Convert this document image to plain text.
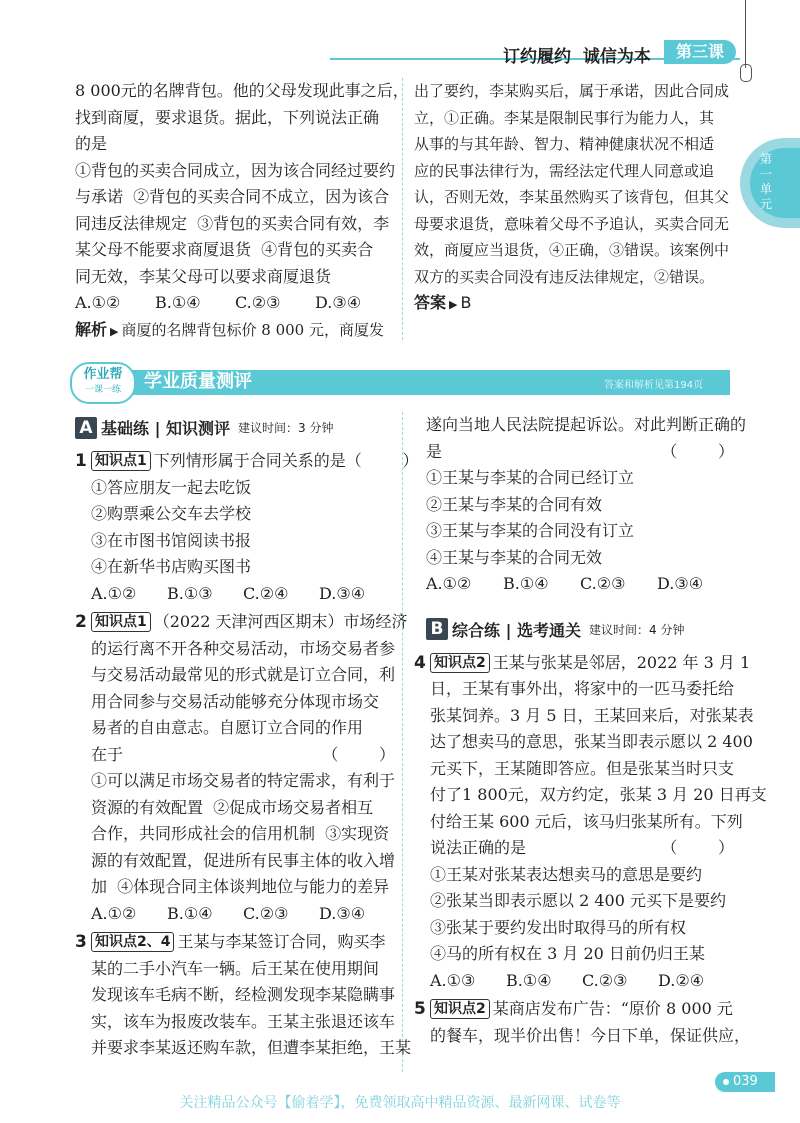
订约履约  诚信为本	第三课
第一单元
8 000元的名牌背包。他的父母发现此事之后，
找到商厦，要求退货。据此，下列说法正确
的是
①背包的买卖合同成立，因为该合同经过要约
与承诺  ②背包的买卖合同不成立，因为该合
同违反法律规定  ③背包的买卖合同有效，李
某父母不能要求商厦退货  ④背包的买卖合
同无效，李某父母可以要求商厦退货
A.①②	B.①④	C.②③	D.③④
解析 ▶ 商厦的名牌背包标价 8 000 元，商厦发
出了要约，李某购买后，属于承诺，因此合同成
立，①正确。李某是限制民事行为能力人，其
从事的与其年龄、智力、精神健康状况不相适
应的民事法律行为，需经法定代理人同意或追
认，否则无效，李某虽然购买了该背包，但其父
母要求退货，意味着父母不予追认，买卖合同无
效，商厦应当退货，④正确，③错误。该案例中
双方的买卖合同没有违反法律规定，②错误。
答案 ▶ B
作业帮
一课一练	学业质量测评	答案和解析见第194页
A 基础练 | 知识测评 建议时间：3 分钟
1 知识点1 下列情形属于合同关系的是（        ）
①答应朋友一起去吃饭
②购票乘公交车去学校
③在市图书馆阅读书报
④在新华书店购买图书
A.①②	B.①③	C.②④	D.③④
2 知识点1 （2022 天津河西区期末）市场经济
的运行离不开各种交易活动，市场交易者参
与交易活动最常见的形式就是订立合同，利
用合同参与交易活动能够充分体现市场交
易者的自由意志。自愿订立合同的作用
在于	（        ）
①可以满足市场交易者的特定需求，有利于
资源的有效配置  ②促成市场交易者相互
合作，共同形成社会的信用机制  ③实现资
源的有效配置，促进所有民事主体的收入增
加  ④体现合同主体谈判地位与能力的差异
A.①②	B.①④	C.②③	D.③④
3 知识点2、4 王某与李某签订合同，购买李
某的二手小汽车一辆。后王某在使用期间
发现该车毛病不断，经检测发现李某隐瞒事
实，该车为报废改装车。王某主张退还该车
并要求李某返还购车款，但遭李某拒绝，王某
遂向当地人民法院提起诉讼。对此判断正确的
是	（        ）
①王某与李某的合同已经订立
②王某与李某的合同有效
③王某与李某的合同没有订立
④王某与李某的合同无效
A.①②	B.①④	C.②③	D.③④
B 综合练 | 选考通关 建议时间：4 分钟
4 知识点2 王某与张某是邻居，2022 年 3 月 1
日，王某有事外出，将家中的一匹马委托给
张某饲养。3 月 5 日，王某回来后，对张某表
达了想卖马的意思，张某当即表示愿以 2 400
元买下，王某随即答应。但是张某当时只支
付了1 800元，双方约定，张某 3 月 20 日再支
付给王某 600 元后，该马归张某所有。下列
说法正确的是	（        ）
①王某对张某表达想卖马的意思是要约
②张某当即表示愿以 2 400 元买下是要约
③张某于要约发出时取得马的所有权
④马的所有权在 3 月 20 日前仍归王某
A.①③	B.①④	C.②③	D.②④
5 知识点2 某商店发布广告：“原价 8 000 元
的餐车，现半价出售！今日下单，保证供应，
039
关注精品公众号【偷着学】，免费领取高中精品资源、最新网课、试卷等
